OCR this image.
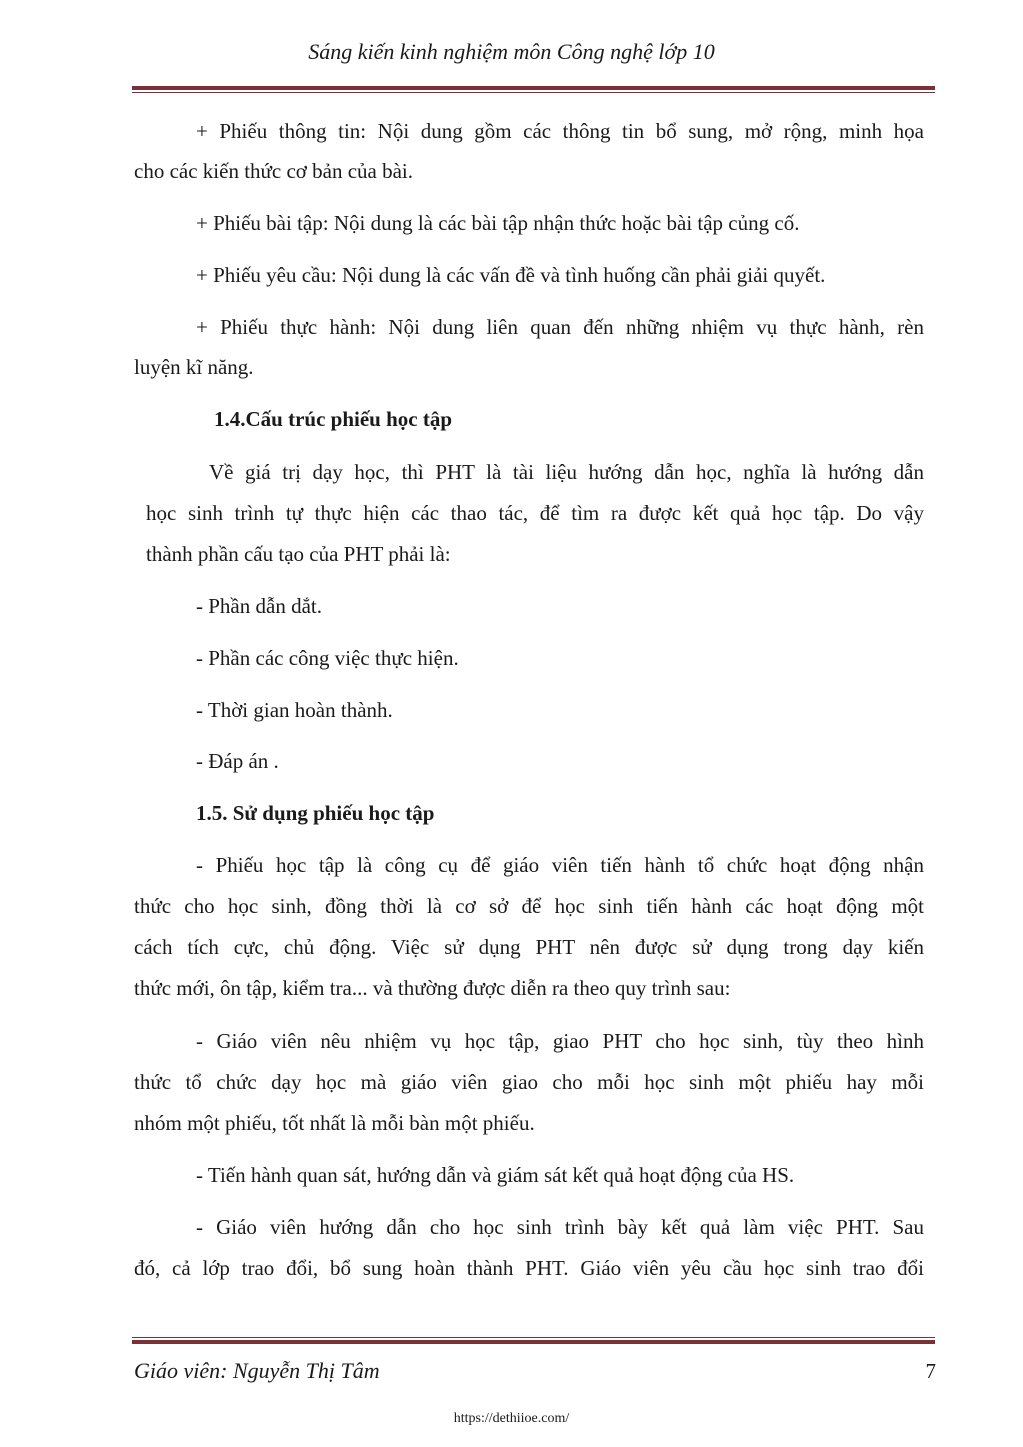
Sáng kiến kinh nghiệm môn Công nghệ lớp 10
+ Phiếu thông tin: Nội dung gồm các thông tin bổ sung, mở rộng, minh họa
cho các kiến thức cơ bản của bài.
+ Phiếu bài tập: Nội dung là các bài tập nhận thức hoặc bài tập củng cố.
+ Phiếu yêu cầu: Nội dung là các vấn đề và tình huống cần phải giải quyết.
+ Phiếu thực hành: Nội dung liên quan đến những nhiệm vụ thực hành, rèn
luyện kĩ năng.
1.4.Cấu trúc phiếu học tập
Về giá trị dạy học, thì PHT là tài liệu hướng dẫn học, nghĩa là hướng dẫn
học sinh trình tự thực hiện các thao tác, để tìm ra được kết quả học tập. Do vậy
thành phần cấu tạo của PHT phải là:
- Phần dẫn dắt.
- Phần các công việc thực hiện.
- Thời gian hoàn thành.
- Đáp án .
1.5. Sử dụng phiếu học tập
- Phiếu học tập là công cụ để giáo viên tiến hành tổ chức hoạt động nhận
thức cho học sinh, đồng thời là cơ sở để học sinh tiến hành các hoạt động một
cách tích cực, chủ động. Việc sử dụng PHT nên được sử dụng trong dạy kiến
thức mới, ôn tập, kiểm tra... và thường được diễn ra theo quy trình sau:
- Giáo viên nêu nhiệm vụ học tập, giao PHT cho học sinh, tùy theo hình
thức tổ chức dạy học mà giáo viên giao cho mỗi học sinh một phiếu hay mỗi
nhóm một phiếu, tốt nhất là mỗi bàn một phiếu.
- Tiến hành quan sát, hướng dẫn và giám sát kết quả hoạt động của HS.
- Giáo viên hướng dẫn cho học sinh trình bày kết quả làm việc PHT. Sau
đó, cả lớp trao đổi, bổ sung hoàn thành PHT. Giáo viên yêu cầu học sinh trao đổi
Giáo viên: Nguyễn Thị Tâm	7
https://dethiioe.com/
